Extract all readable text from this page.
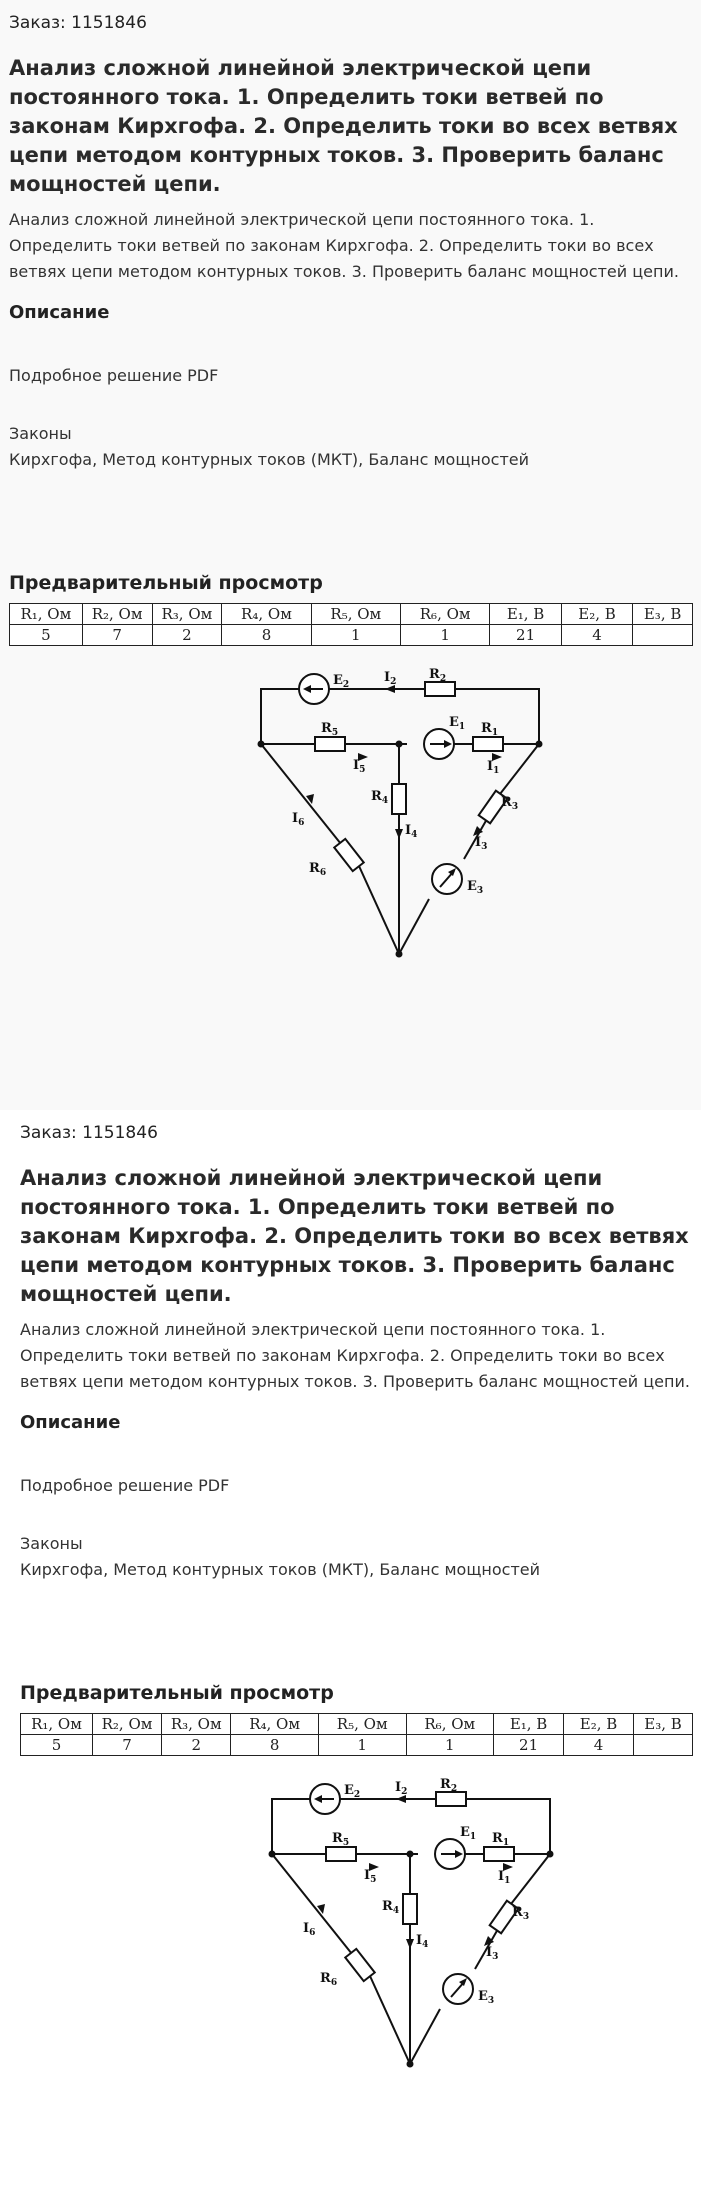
Заказ: 1151846
Анализ сложной линейной электрической цепи постоянного тока. 1. Определить токи ветвей по законам Кирхгофа. 2. Определить токи во всех ветвях цепи методом контурных токов. 3. Проверить баланс мощностей цепи.
Анализ сложной линейной электрической цепи постоянного тока. 1. Определить токи ветвей по законам Кирхгофа. 2. Определить токи во всех ветвях цепи методом контурных токов. 3. Проверить баланс мощностей цепи.
Описание
Подробное решение PDF
Законы
Кирхгофа, Метод контурных токов (МКТ), Баланс мощностей
Предварительный просмотр
R₁, Ом	R₂, Ом	R₃, Ом	R₄, Ом	R₅, Ом	R₆, Ом	E₁, В	E₂, В	E₃, В
5	7	2	8	1	1	21	4	
$E_2$	$I_2$	$R_2$
$R_5$
$I_5$
$E_1$ $R_1$
$I_1$
$R_3$
$R_4$
$I_4$	$I_3$
$E_3$
$I_6$
$R_6$
Заказ: 1151846
Анализ сложной линейной электрической цепи постоянного тока. 1. Определить токи ветвей по законам Кирхгофа. 2. Определить токи во всех ветвях цепи методом контурных токов. 3. Проверить баланс мощностей цепи.
Анализ сложной линейной электрической цепи постоянного тока. 1. Определить токи ветвей по законам Кирхгофа. 2. Определить токи во всех ветвях цепи методом контурных токов. 3. Проверить баланс мощностей цепи.
Описание
Подробное решение PDF
Законы
Кирхгофа, Метод контурных токов (МКТ), Баланс мощностей
Предварительный просмотр
R₁, Ом	R₂, Ом	R₃, Ом	R₄, Ом	R₅, Ом	R₆, Ом	E₁, В	E₂, В	E₃, В
5	7	2	8	1	1	21	4	
$E_2$	$I_2$	$R_2$
$R_5$
$I_5$
$E_1$ $R_1$
$I_1$
$R_3$
$R_4$
$I_4$	$I_3$
$E_3$
$I_6$
$R_6$
